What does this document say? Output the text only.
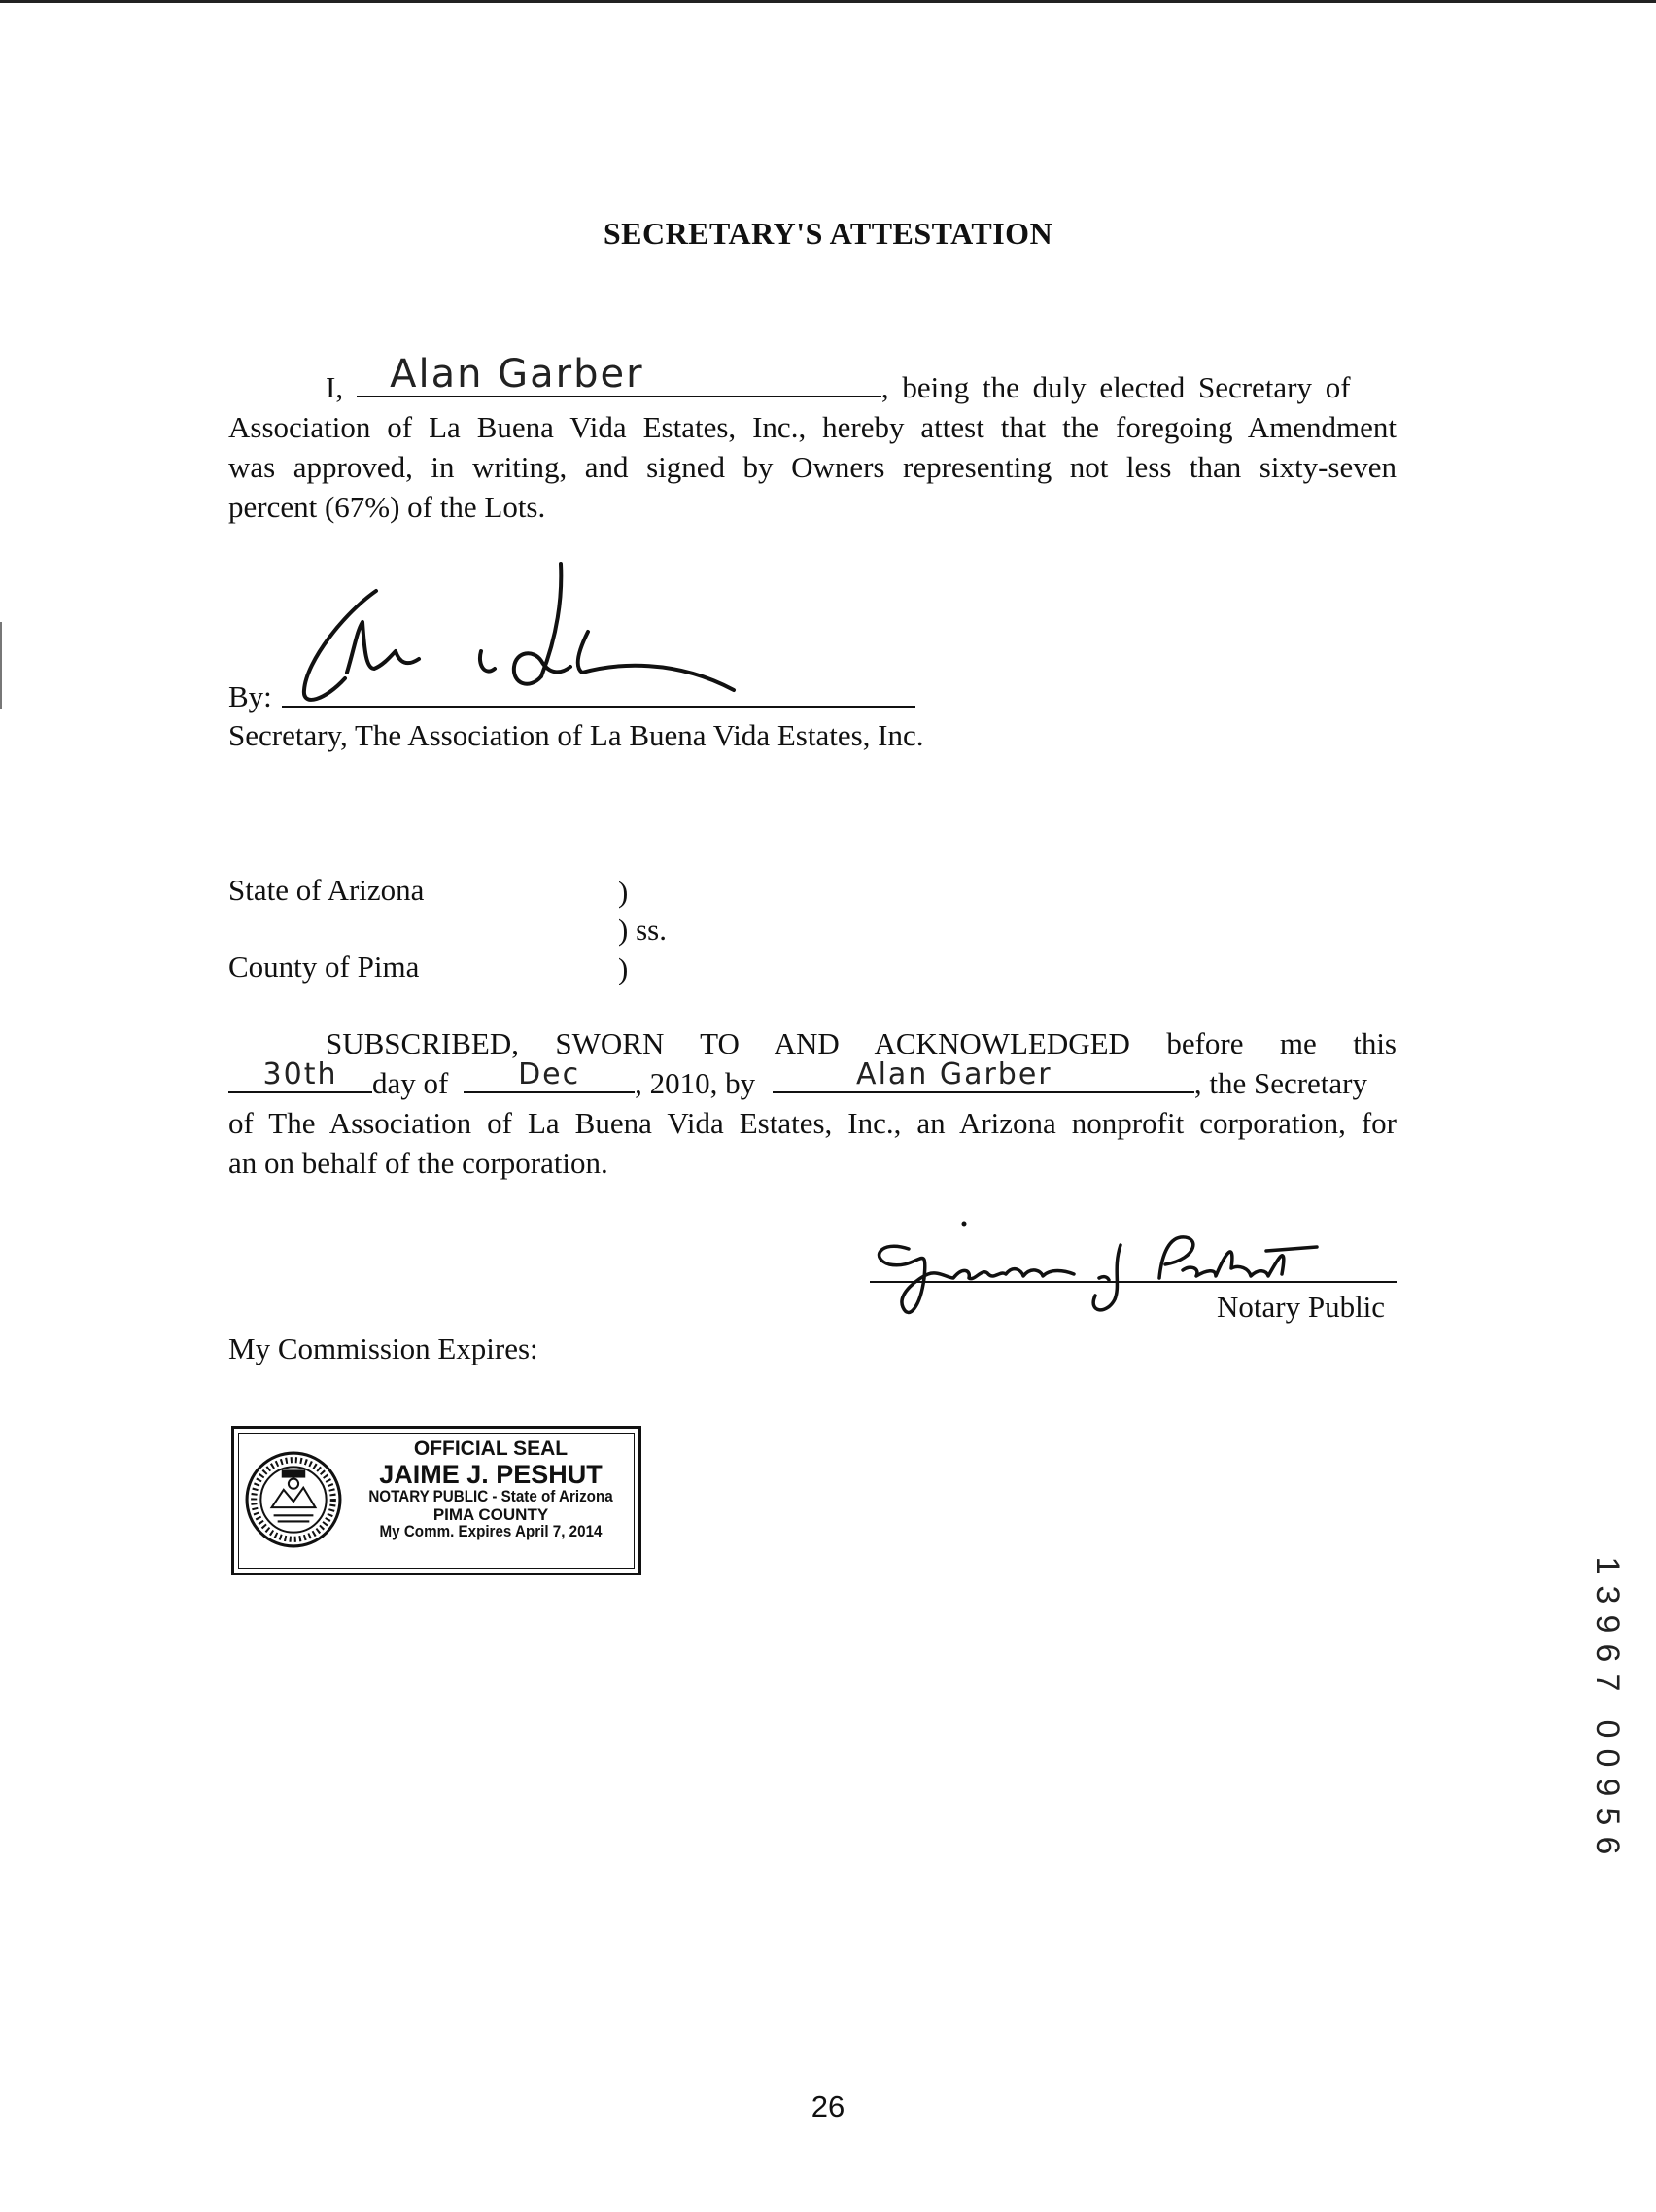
SECRETARY'S ATTESTATION
I,	Alan Garber	, being the duly elected Secretary of
Association of La Buena Vida Estates, Inc., hereby attest that the foregoing Amendment
was approved, in writing, and signed by Owners representing not less than sixty-seven
percent (67%) of the Lots.
By:
Secretary, The Association of La Buena Vida Estates, Inc.
State of Arizona	)
) ss.
County of Pima	)
SUBSCRIBED, SWORN TO AND ACKNOWLEDGED before me this
30th	day of	Dec	, 2010, by	Alan Garber	, the Secretary
of The Association of La Buena Vida Estates, Inc., an Arizona nonprofit corporation, for
an on behalf of the corporation.
Notary Public
My Commission Expires:
OFFICIAL SEAL
JAIME J. PESHUT
NOTARY PUBLIC - State of Arizona
PIMA COUNTY
My Comm. Expires April 7, 2014
1
3
9
6
7
0
0
9
5
6
26
